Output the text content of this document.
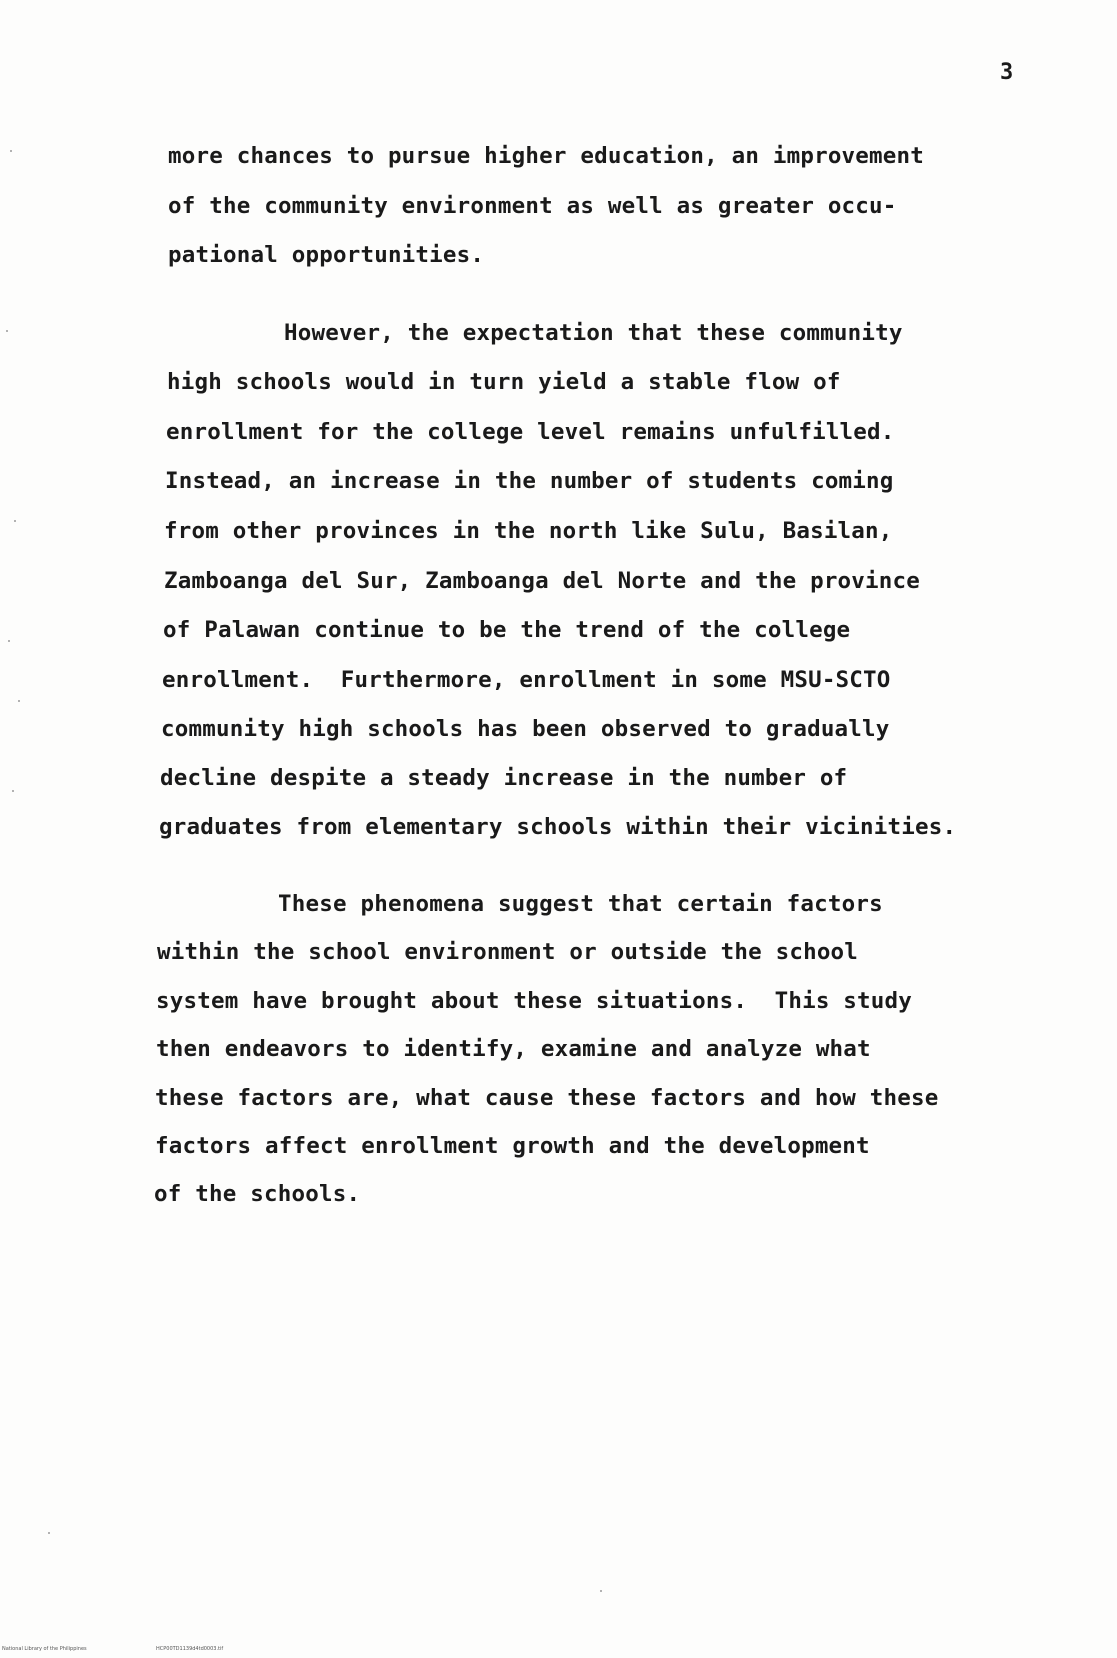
3
more chances to pursue higher education, an improvement
of the community environment as well as greater occu-
pational opportunities.
However, the expectation that these community
high schools would in turn yield a stable flow of
enrollment for the college level remains unfulfilled.
Instead, an increase in the number of students coming
from other provinces in the north like Sulu, Basilan,
Zamboanga del Sur, Zamboanga del Norte and the province
of Palawan continue to be the trend of the college
enrollment.  Furthermore, enrollment in some MSU-SCTO
community high schools has been observed to gradually
decline despite a steady increase in the number of
graduates from elementary schools within their vicinities.
These phenomena suggest that certain factors
within the school environment or outside the school
system have brought about these situations.  This study
then endeavors to identify, examine and analyze what
these factors are, what cause these factors and how these
factors affect enrollment growth and the development
of the schools.
National Library of the Philippines	HCP00TD1139d4td0003.tif
